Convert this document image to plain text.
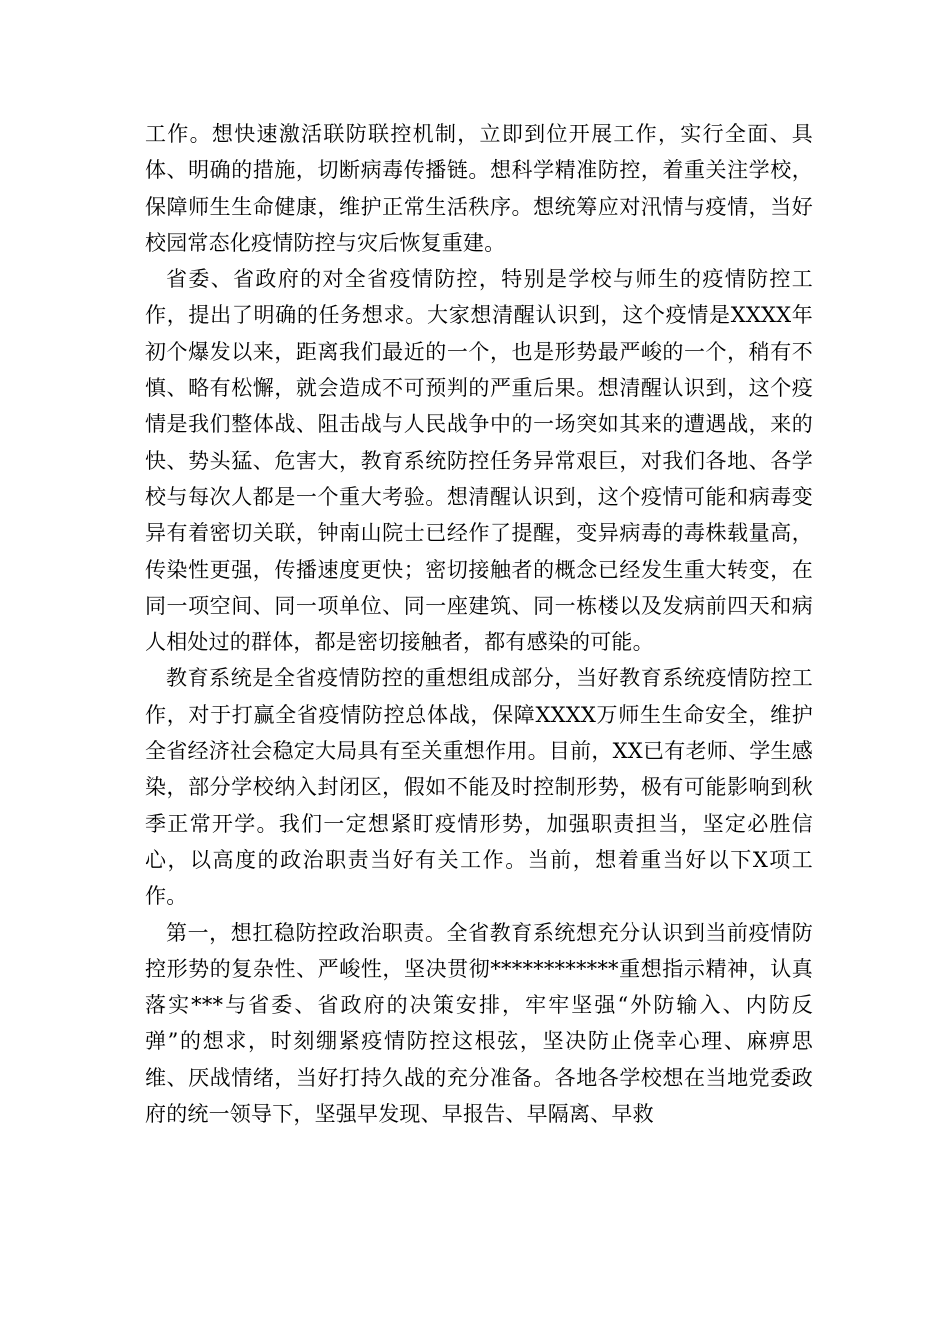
工作。想快速激活联防联控机制，立即到位开展工作，实行全面、具体、明确的措施，切断病毒传播链。想科学精准防控，着重关注学校，保障师生生命健康，维护正常生活秩序。想统筹应对汛情与疫情，当好校园常态化疫情防控与灾后恢复重建。

省委、省政府的对全省疫情防控，特别是学校与师生的疫情防控工作，提出了明确的任务想求。大家想清醒认识到，这个疫情是XXXX年初个爆发以来，距离我们最近的一个，也是形势最严峻的一个，稍有不慎、略有松懈，就会造成不可预判的严重后果。想清醒认识到，这个疫情是我们整体战、阻击战与人民战争中的一场突如其来的遭遇战，来的快、势头猛、危害大，教育系统防控任务异常艰巨，对我们各地、各学校与每次人都是一个重大考验。想清醒认识到，这个疫情可能和病毒变异有着密切关联，钟南山院士已经作了提醒，变异病毒的毒株载量高，传染性更强，传播速度更快；密切接触者的概念已经发生重大转变，在同一项空间、同一项单位、同一座建筑、同一栋楼以及发病前四天和病人相处过的群体，都是密切接触者，都有感染的可能。

教育系统是全省疫情防控的重想组成部分，当好教育系统疫情防控工作，对于打赢全省疫情防控总体战，保障XXXX万师生生命安全，维护全省经济社会稳定大局具有至关重想作用。目前，XX已有老师、学生感染，部分学校纳入封闭区，假如不能及时控制形势，极有可能影响到秋季正常开学。我们一定想紧盯疫情形势，加强职责担当，坚定必胜信心，以高度的政治职责当好有关工作。当前，想着重当好以下X项工作。

第一，想扛稳防控政治职责。全省教育系统想充分认识到当前疫情防控形势的复杂性、严峻性，坚决贯彻************重想指示精神，认真落实***与省委、省政府的决策安排，牢牢坚强“外防输入、内防反弹”的想求，时刻绷紧疫情防控这根弦，坚决防止侥幸心理、麻痹思维、厌战情绪，当好打持久战的充分准备。各地各学校想在当地党委政府的统一领导下，坚强早发现、早报告、早隔离、早救
